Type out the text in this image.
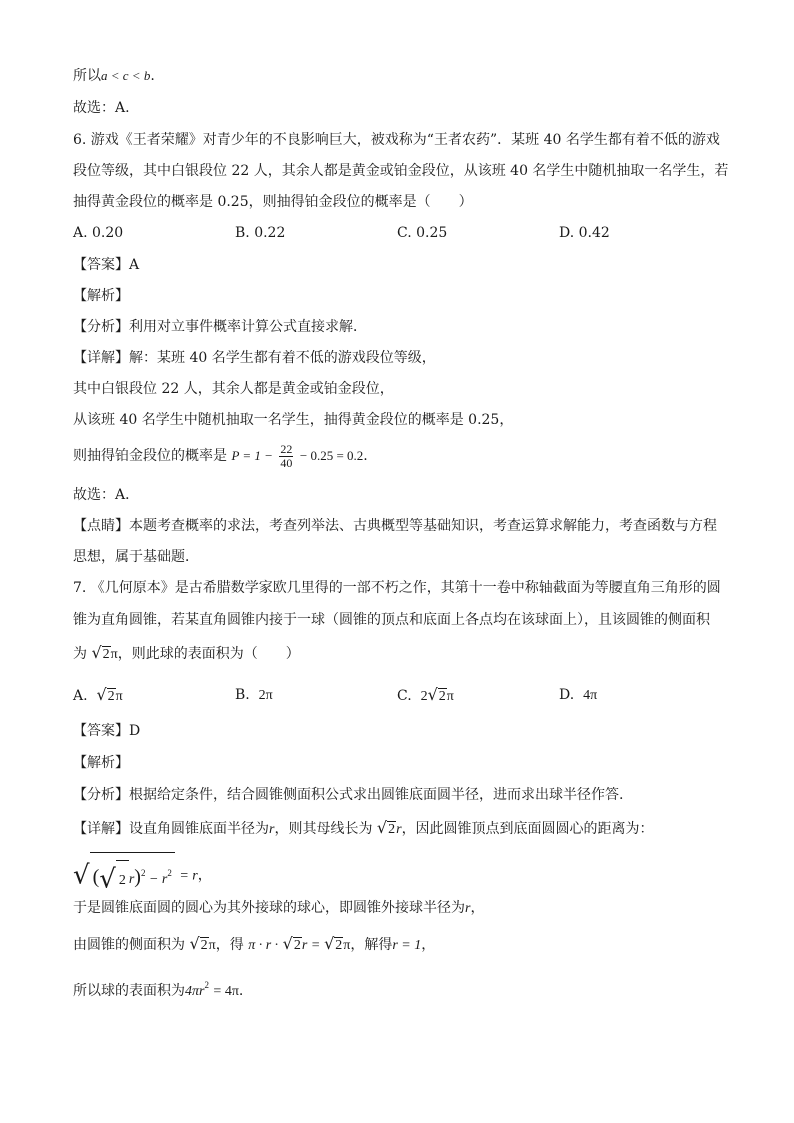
所以a < c < b.
故选：A.
6. 游戏《王者荣耀》对青少年的不良影响巨大，被戏称为“王者农药”．某班 40 名学生都有着不低的游戏
段位等级，其中白银段位 22 人，其余人都是黄金或铂金段位，从该班 40 名学生中随机抽取一名学生，若
抽得黄金段位的概率是 0.25，则抽得铂金段位的概率是（　　）
A. 0.20	B. 0.22	C. 0.25	D. 0.42
【答案】A
【解析】
【分析】利用对立事件概率计算公式直接求解．
【详解】解：某班 40 名学生都有着不低的游戏段位等级，
其中白银段位 22 人，其余人都是黄金或铂金段位，
从该班 40 名学生中随机抽取一名学生，抽得黄金段位的概率是 0.25，
则抽得铂金段位的概率是 $P = 1 - \frac{22}{40} - 0.25 = 0.2$.
故选：A．
【点睛】本题考查概率的求法，考查列举法、古典概型等基础知识，考查运算求解能力，考查函数与方程
思想，属于基础题．
7. 《几何原本》是古希腊数学家欧几里得的一部不朽之作，其第十一卷中称轴截面为等腰直角三角形的圆
锥为直角圆锥，若某直角圆锥内接于一球（圆锥的顶点和底面上各点均在该球面上），且该圆锥的侧面积
为 √2π，则此球的表面积为（　　）
A. √2π	B. 2π	C. 2√2π	D. 4π
【答案】D
【解析】
【分析】根据给定条件，结合圆锥侧面积公式求出圆锥底面圆半径，进而求出球半径作答.
【详解】设直角圆锥底面半径为r，则其母线长为 √2r，因此圆锥顶点到底面圆圆心的距离为：
√ (√ 2 $r)^2 - r^2 = r$，
于是圆锥底面圆的圆心为其外接球的球心，即圆锥外接球半径为r，
由圆锥的侧面积为 √2π，得 π · r · √2r = √2π，解得r = 1，
所以球的表面积为$4\pi r^2 = 4\pi$.
